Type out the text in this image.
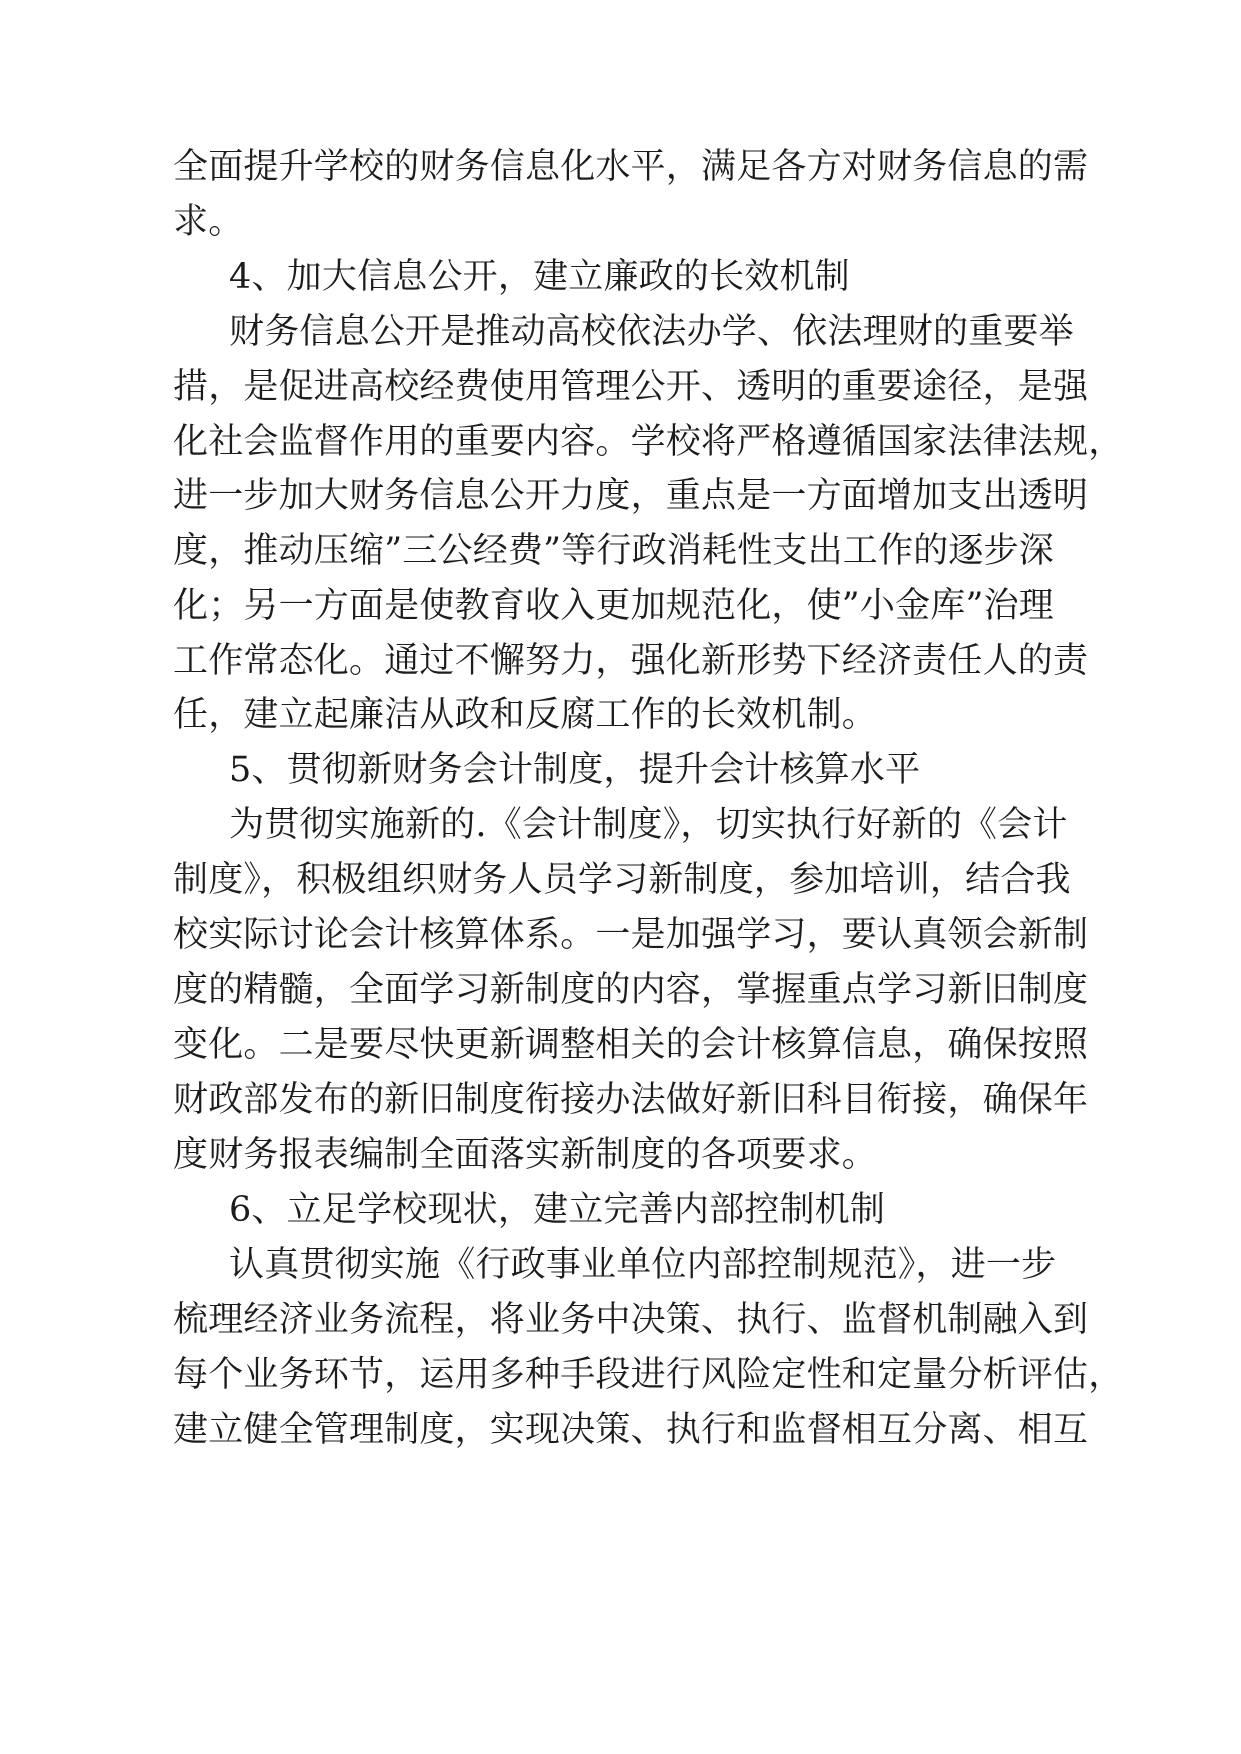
全面提升学校的财务信息化水平，满足各方对财务信息的需

求。

4、加大信息公开，建立廉政的长效机制

财务信息公开是推动高校依法办学、依法理财的重要举

措，是促进高校经费使用管理公开、透明的重要途径，是强

化社会监督作用的重要内容。学校将严格遵循国家法律法规，

进一步加大财务信息公开力度，重点是一方面增加支出透明

度，推动压缩”三公经费”等行政消耗性支出工作的逐步深

化；另一方面是使教育收入更加规范化，使”小金库”治理

工作常态化。通过不懈努力，强化新形势下经济责任人的责

任，建立起廉洁从政和反腐工作的长效机制。

5、贯彻新财务会计制度，提升会计核算水平

为贯彻实施新的.《会计制度》，切实执行好新的《会计

制度》，积极组织财务人员学习新制度，参加培训，结合我

校实际讨论会计核算体系。一是加强学习，要认真领会新制

度的精髓，全面学习新制度的内容，掌握重点学习新旧制度

变化。二是要尽快更新调整相关的会计核算信息，确保按照

财政部发布的新旧制度衔接办法做好新旧科目衔接，确保年

度财务报表编制全面落实新制度的各项要求。

6、立足学校现状，建立完善内部控制机制

认真贯彻实施《行政事业单位内部控制规范》，进一步

梳理经济业务流程，将业务中决策、执行、监督机制融入到

每个业务环节，运用多种手段进行风险定性和定量分析评估，

建立健全管理制度，实现决策、执行和监督相互分离、相互
